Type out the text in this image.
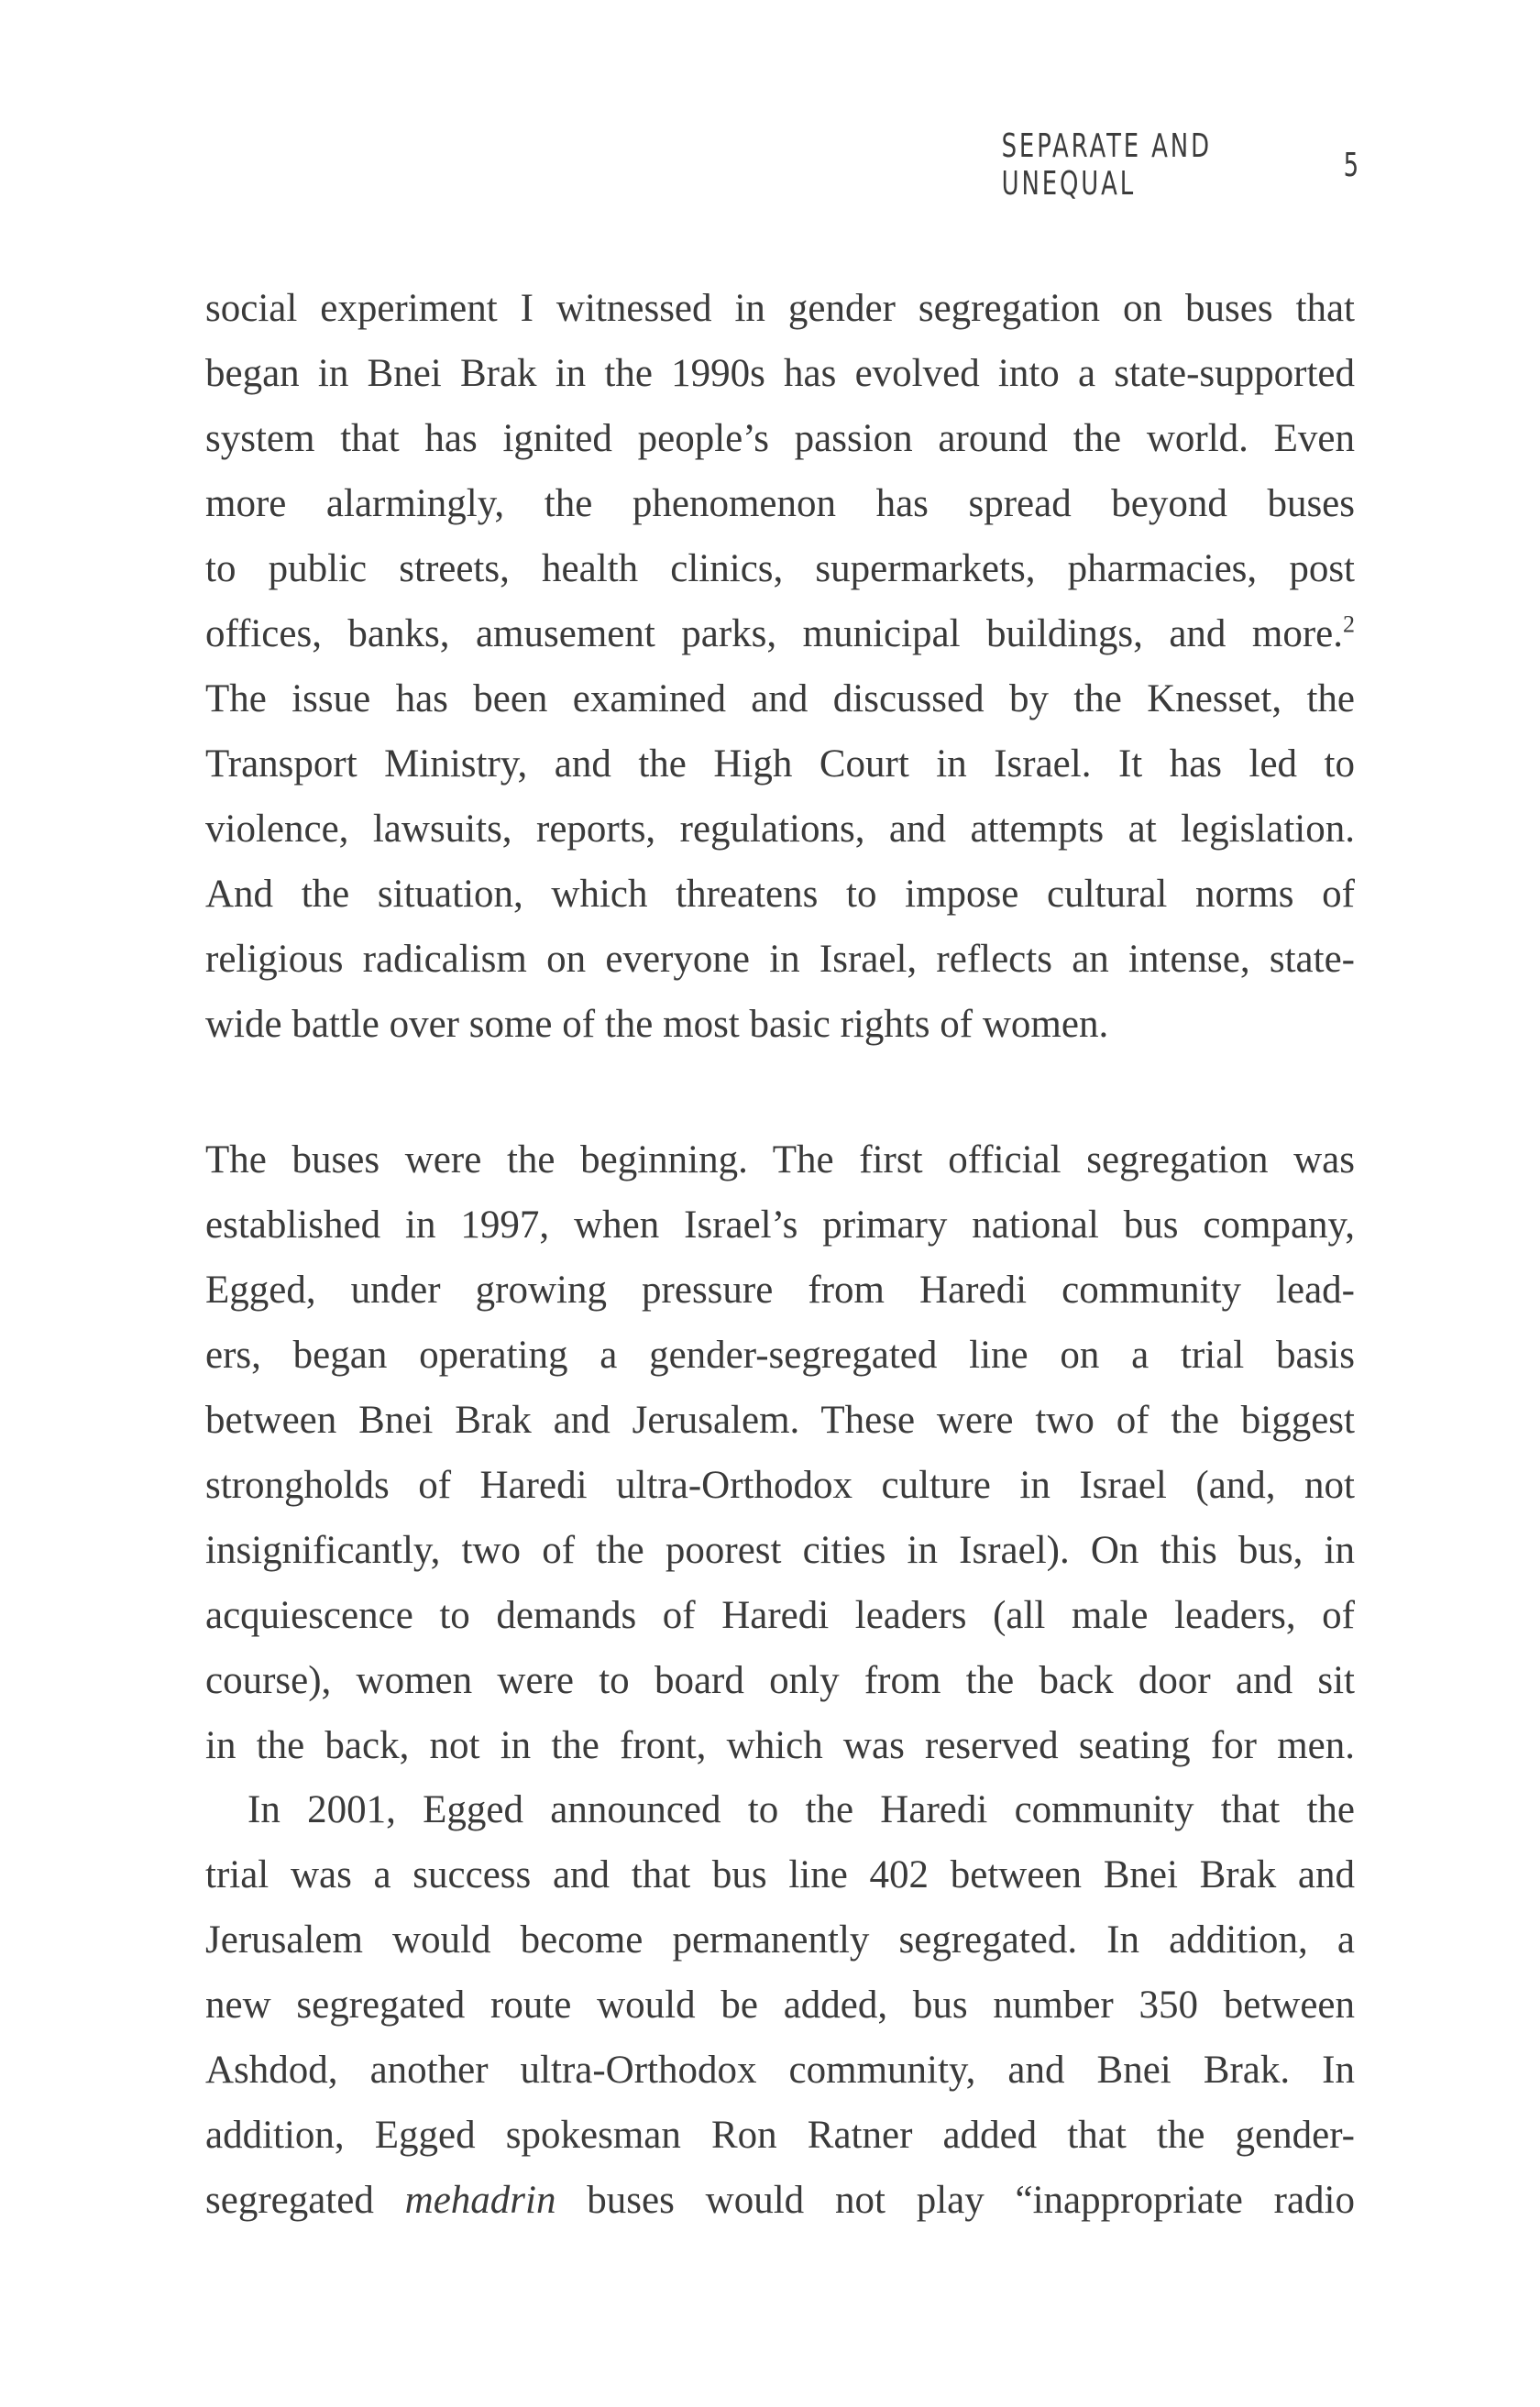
SEPARATE AND UNEQUAL	5
social experiment I witnessed in gender segregation on buses that
began in Bnei Brak in the 1990s has evolved into a state-supported
system that has ignited people’s passion around the world. Even
more alarmingly, the phenomenon has spread beyond buses
to public streets, health clinics, supermarkets, pharmacies, post
offices, banks, amusement parks, municipal buildings, and more.$^2$
The issue has been examined and discussed by the Knesset, the
Transport Ministry, and the High Court in Israel. It has led to
violence, lawsuits, reports, regulations, and attempts at legislation.
And the situation, which threatens to impose cultural norms of
religious radicalism on everyone in Israel, reflects an intense, state-
wide battle over some of the most basic rights of women.
The buses were the beginning. The first official segregation was
established in 1997, when Israel’s primary national bus company,
Egged, under growing pressure from Haredi community lead-
ers, began operating a gender-segregated line on a trial basis
between Bnei Brak and Jerusalem. These were two of the biggest
strongholds of Haredi ultra-Orthodox culture in Israel (and, not
insignificantly, two of the poorest cities in Israel). On this bus, in
acquiescence to demands of Haredi leaders (all male leaders, of
course), women were to board only from the back door and sit
in the back, not in the front, which was reserved seating for men.
In 2001, Egged announced to the Haredi community that the
trial was a success and that bus line 402 between Bnei Brak and
Jerusalem would become permanently segregated. In addition, a
new segregated route would be added, bus number 350 between
Ashdod, another ultra-Orthodox community, and Bnei Brak. In
addition, Egged spokesman Ron Ratner added that the gender-
segregated mehadrin buses would not play “inappropriate radio
